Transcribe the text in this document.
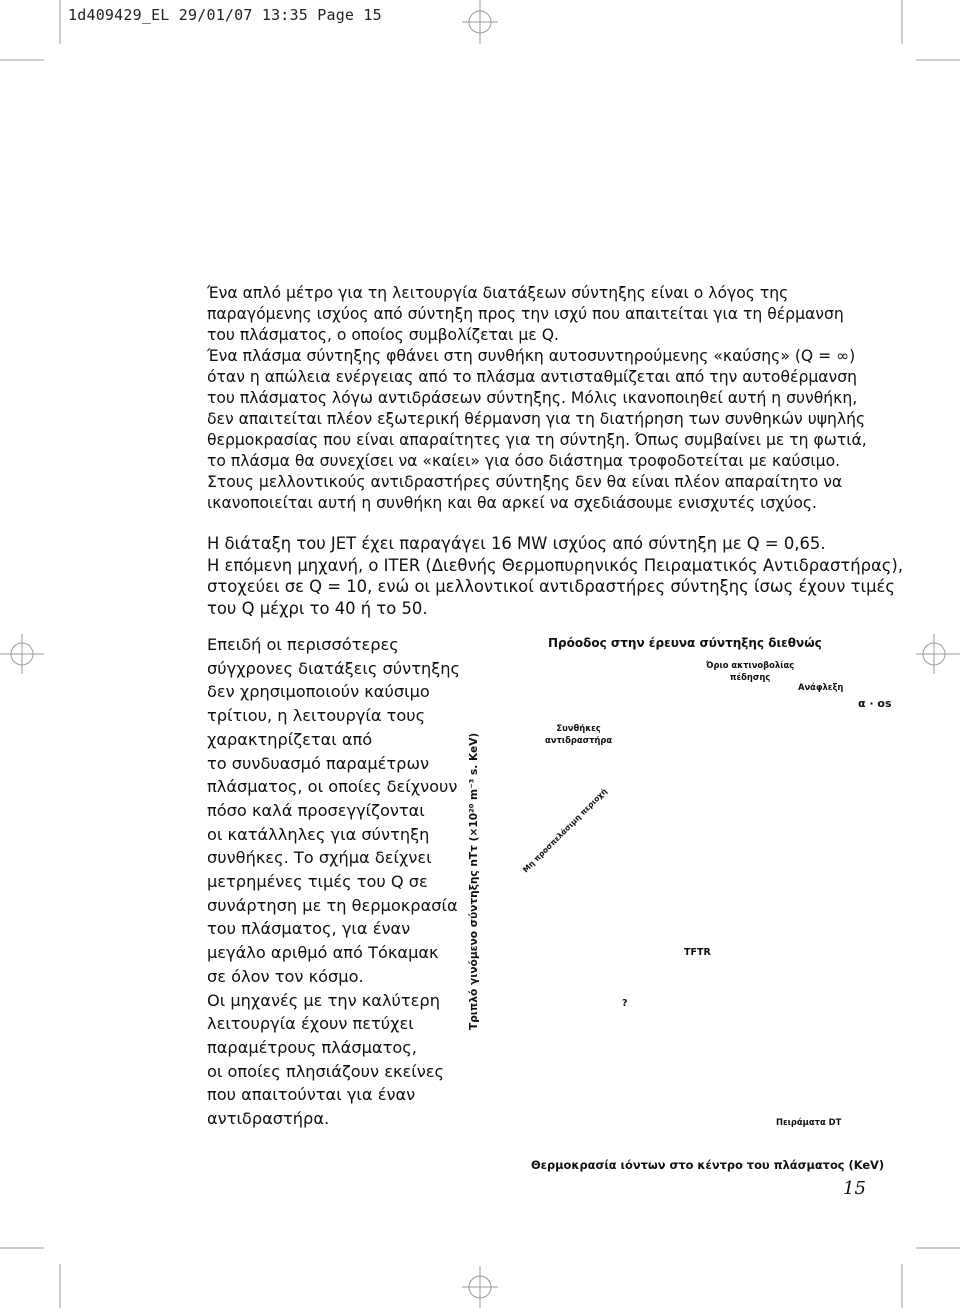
1d409429_EL 29/01/07 13:35 Page 15
Ένα απλό μέτρο για τη λειτουργία διατάξεων σύντηξης είναι ο λόγος της
παραγόμενης ισχύος από σύντηξη προς την ισχύ που απαιτείται για τη θέρμανση
του πλάσματος, ο οποίος συμβολίζεται με Q.
Ένα πλάσμα σύντηξης φθάνει στη συνθήκη αυτοσυντηρούμενης «καύσης» (Q = ∞)
όταν η απώλεια ενέργειας από το πλάσμα αντισταθμίζεται από την αυτοθέρμανση
του πλάσματος λόγω αντιδράσεων σύντηξης. Μόλις ικανοποιηθεί αυτή η συνθήκη,
δεν απαιτείται πλέον εξωτερική θέρμανση για τη διατήρηση των συνθηκών υψηλής
θερμοκρασίας που είναι απαραίτητες για τη σύντηξη. Όπως συμβαίνει με τη φωτιά,
το πλάσμα θα συνεχίσει να «καίει» για όσο διάστημα τροφοδοτείται με καύσιμο.
Στους μελλοντικούς αντιδραστήρες σύντηξης δεν θα είναι πλέον απαραίτητο να
ικανοποιείται αυτή η συνθήκη και θα αρκεί να σχεδιάσουμε ενισχυτές ισχύος.
Η διάταξη του JET έχει παραγάγει 16 MW ισχύος από σύντηξη με Q = 0,65.
Η επόμενη μηχανή, ο ITER (Διεθνής Θερμοπυρηνικός Πειραματικός Αντιδραστήρας),
στοχεύει σε Q = 10, ενώ οι μελλοντικοί αντιδραστήρες σύντηξης ίσως έχουν τιμές
του Q μέχρι το 40 ή το 50.
Επειδή οι περισσότερες
σύγχρονες διατάξεις σύντηξης
δεν χρησιμοποιούν καύσιμο
τρίτιου, η λειτουργία τους
χαρακτηρίζεται από
το συνδυασμό παραμέτρων
πλάσματος, οι οποίες δείχνουν
πόσο καλά προσεγγίζονται
οι κατάλληλες για σύντηξη
συνθήκες. Το σχήμα δείχνει
μετρημένες τιμές του Q σε
συνάρτηση με τη θερμοκρασία
του πλάσματος, για έναν
μεγάλο αριθμό από Τόκαμακ
σε όλον τον κόσμο.
Οι μηχανές με την καλύτερη
λειτουργία έχουν πετύχει
παραμέτρους πλάσματος,
οι οποίες πλησιάζουν εκείνες
που απαιτούνται για έναν
αντιδραστήρα.
Πρόοδος στην έρευνα σύντηξης διεθνώς
Όριο ακτινοβολίας
πέδησης
Ανάφλεξη
α · os
Συνθήκες
αντιδραστήρα
Μη προσπελάσιμη περιοχή
Τριπλό γινόμενο σύντηξης nTτ (×10²⁰ m⁻³ s. KeV)	TFTR
?
Πειράματα DT
Θερμοκρασία ιόντων στο κέντρο του πλάσματος (KeV)
15
